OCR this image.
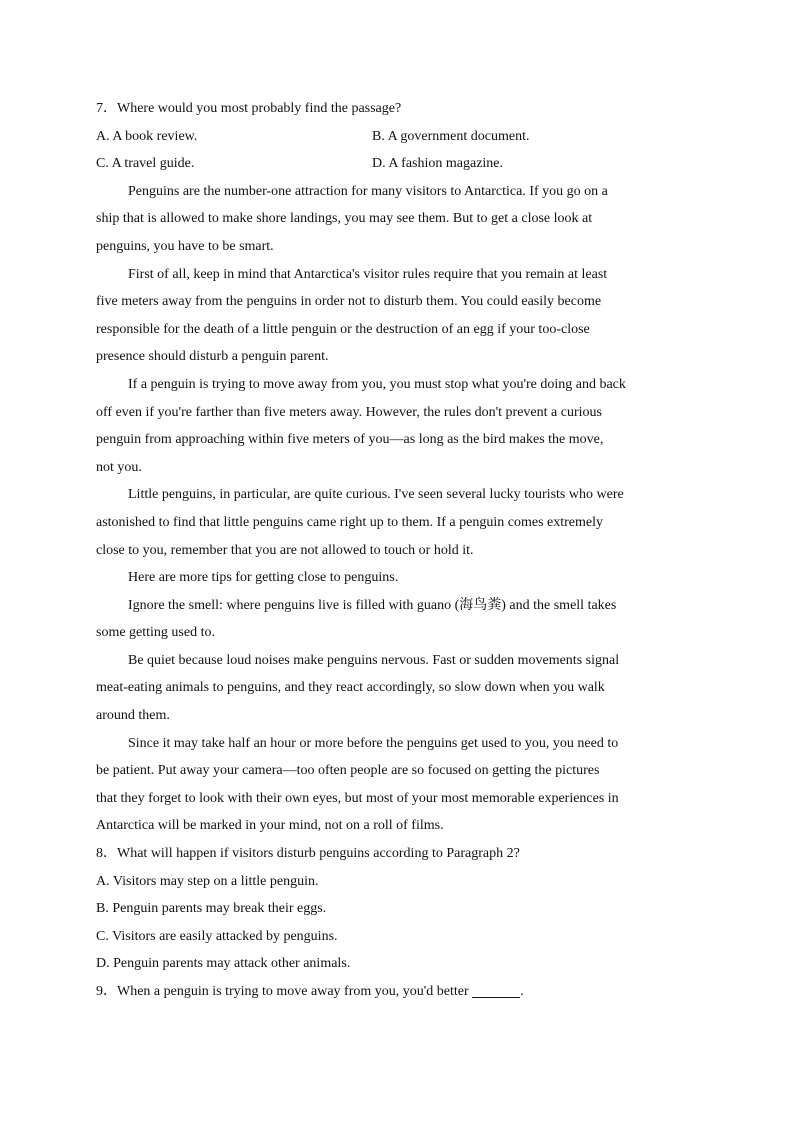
7．Where would you most probably find the passage?
A. A book review.	B. A government document.
C. A travel guide.	D. A fashion magazine.
Penguins are the number-one attraction for many visitors to Antarctica. If you go on a
ship that is allowed to make shore landings, you may see them. But to get a close look at
penguins, you have to be smart.
First of all, keep in mind that Antarctica's visitor rules require that you remain at least
five meters away from the penguins in order not to disturb them. You could easily become
responsible for the death of a little penguin or the destruction of an egg if your too-close
presence should disturb a penguin parent.
If a penguin is trying to move away from you, you must stop what you're doing and back
off even if you're farther than five meters away. However, the rules don't prevent a curious
penguin from approaching within five meters of you—as long as the bird makes the move,
not you.
Little penguins, in particular, are quite curious. I've seen several lucky tourists who were
astonished to find that little penguins came right up to them. If a penguin comes extremely
close to you, remember that you are not allowed to touch or hold it.
Here are more tips for getting close to penguins.
Ignore the smell: where penguins live is filled with guano (海鸟粪) and the smell takes
some getting used to.
Be quiet because loud noises make penguins nervous. Fast or sudden movements signal
meat-eating animals to penguins, and they react accordingly, so slow down when you walk
around them.
Since it may take half an hour or more before the penguins get used to you, you need to
be patient. Put away your camera—too often people are so focused on getting the pictures
that they forget to look with their own eyes, but most of your most memorable experiences in
Antarctica will be marked in your mind, not on a roll of films.
8．What will happen if visitors disturb penguins according to Paragraph 2?
A. Visitors may step on a little penguin.
B. Penguin parents may break their eggs.
C. Visitors are easily attacked by penguins.
D. Penguin parents may attack other animals.
9．When a penguin is trying to move away from you, you'd better	.
